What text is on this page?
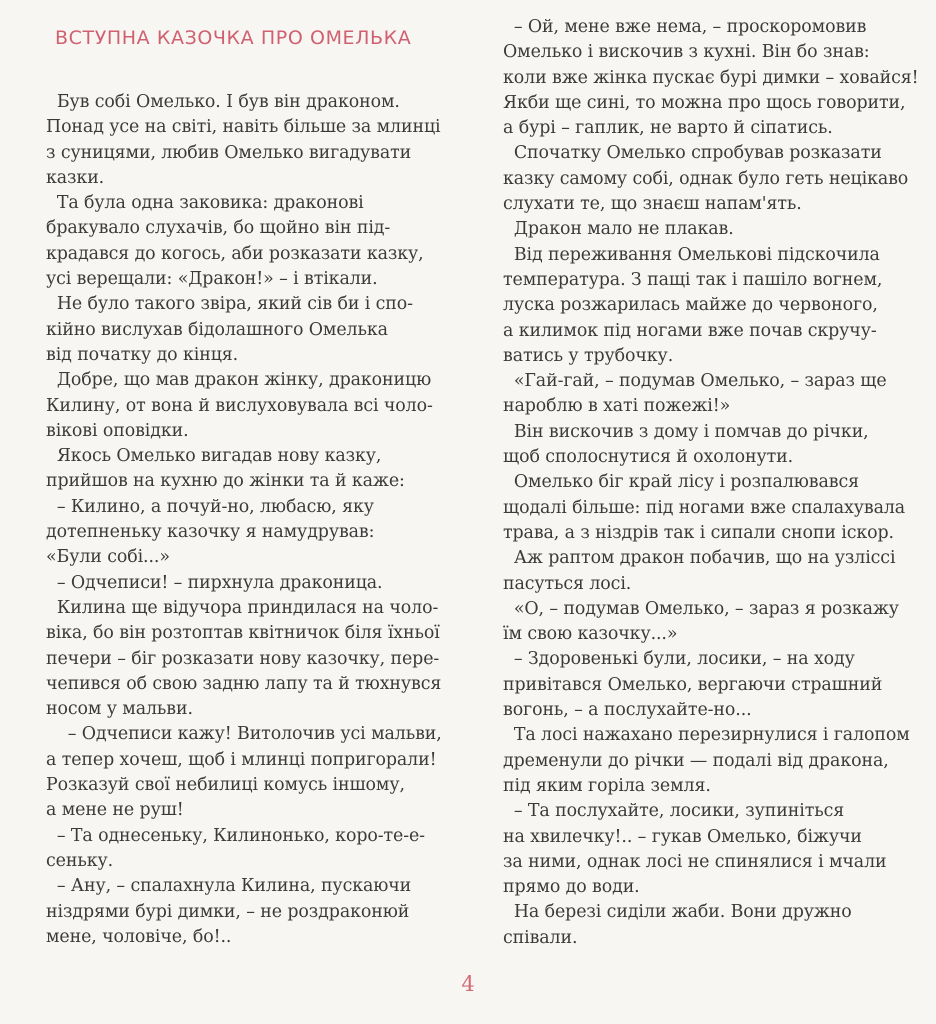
ВСТУПНА КАЗОЧКА ПРО ОМЕЛЬКА
Був собі Омелько. І був він драконом.
Понад усе на світі, навіть більше за млинці
з суницями, любив Омелько вигадувати
казки.
Та була одна заковика: драконові
бракувало слухачів, бо щойно він під-
крадався до когось, аби розказати казку,
усі верещали: «Дракон!» – і втікали.
Не було такого звіра, який сів би і спо-
кійно вислухав бідолашного Омелька
від початку до кінця.
Добре, що мав дракон жінку, драконицю
Килину, от вона й вислуховувала всі чоло-
вікові оповідки.
Якось Омелько вигадав нову казку,
прийшов на кухню до жінки та й каже:
– Килино, а почуй-но, любасю, яку
дотепненьку казочку я намудрував:
«Були собі...»
– Одчеписи! – пирхнула драконица.
Килина ще відучора приндилася на чоло-
віка, бо він розтоптав квітничок біля їхньої
печери – біг розказати нову казочку, пере-
чепився об свою задню лапу та й тюхнувся
носом у мальви.
– Одчеписи кажу! Витолочив усі мальви,
а тепер хочеш, щоб і млинці попригорали!
Розказуй свої небилиці комусь іншому,
а мене не руш!
– Та однесеньку, Килинонько, коро-те-е-
сеньку.
– Ану, – спалахнула Килина, пускаючи
ніздрями бурі димки, – не роздраконюй
мене, чоловіче, бо!..
– Ой, мене вже нема, – проскоромовив
Омелько і вискочив з кухні. Він бо знав:
коли вже жінка пускає бурі димки – ховайся!
Якби ще сині, то можна про щось говорити,
а бурі – гаплик, не варто й сіпатись.
Спочатку Омелько спробував розказати
казку самому собі, однак було геть нецікаво
слухати те, що знаєш напам'ять.
Дракон мало не плакав.
Від переживання Омелькові підскочила
температура. З пащі так і пашіло вогнем,
луска розжарилась майже до червоного,
а килимок під ногами вже почав скручу-
ватись у трубочку.
«Гай-гай, – подумав Омелько, – зараз ще
нароблю в хаті пожежі!»
Він вискочив з дому і помчав до річки,
щоб сполоснутися й охолонути.
Омелько біг край лісу і розпалювався
щодалі більше: під ногами вже спалахувала
трава, а з ніздрів так і сипали снопи іскор.
Аж раптом дракон побачив, що на узліссі
пасуться лосі.
«О, – подумав Омелько, – зараз я розкажу
їм свою казочку...»
– Здоровенькі були, лосики, – на ходу
привітався Омелько, вергаючи страшний
вогонь, – а послухайте-но...
Та лосі нажахано перезирнулися і галопом
дременули до річки — подалі від дракона,
під яким горіла земля.
– Та послухайте, лосики, зупиніться
на хвилечку!.. – гукав Омелько, біжучи
за ними, однак лосі не спинялися і мчали
прямо до води.
На березі сиділи жаби. Вони дружно
співали.
4
